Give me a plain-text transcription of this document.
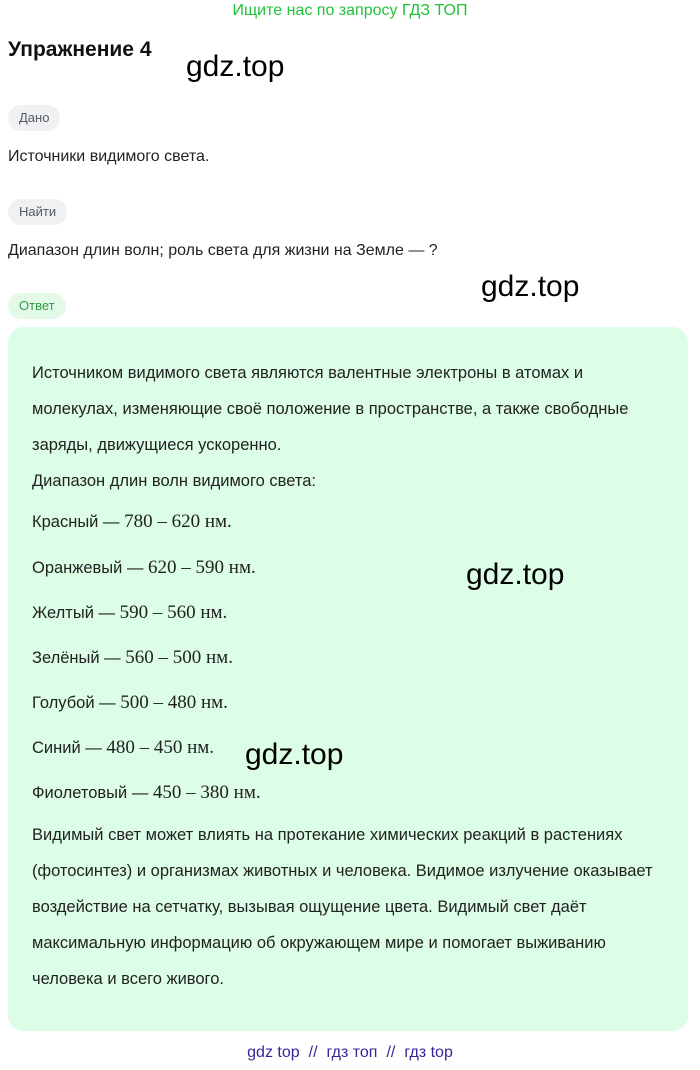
Ищите нас по запросу ГДЗ ТОП
Упражнение 4
Дано

Источники видимого света.

Найти

Диапазон длин волн; роль света для жизни на Земле — ?

Ответ

Источником видимого света являются валентные электроны в атомах и молекулах, изменяющие своё положение в пространстве, а также свободные заряды, движущиеся ускоренно.

Диапазон длин волн видимого света:

Красный — 780 – 620 нм.
Оранжевый — 620 – 590 нм.
Желтый — 590 – 560 нм.
Зелёный — 560 – 500 нм.
Голубой — 500 – 480 нм.
Синий — 480 – 450 нм.
Фиолетовый — 450 – 380 нм.

Видимый свет может влиять на протекание химических реакций в растениях (фотосинтез) и организмах животных и человека. Видимое излучение оказывает воздействие на сетчатку, вызывая ощущение цвета. Видимый свет даёт максимальную информацию об окружающем мире и помогает выживанию человека и всего живого.

gdz.top
gdz.top
gdz.top
gdz.top
gdz top // гдз топ // гдз top
